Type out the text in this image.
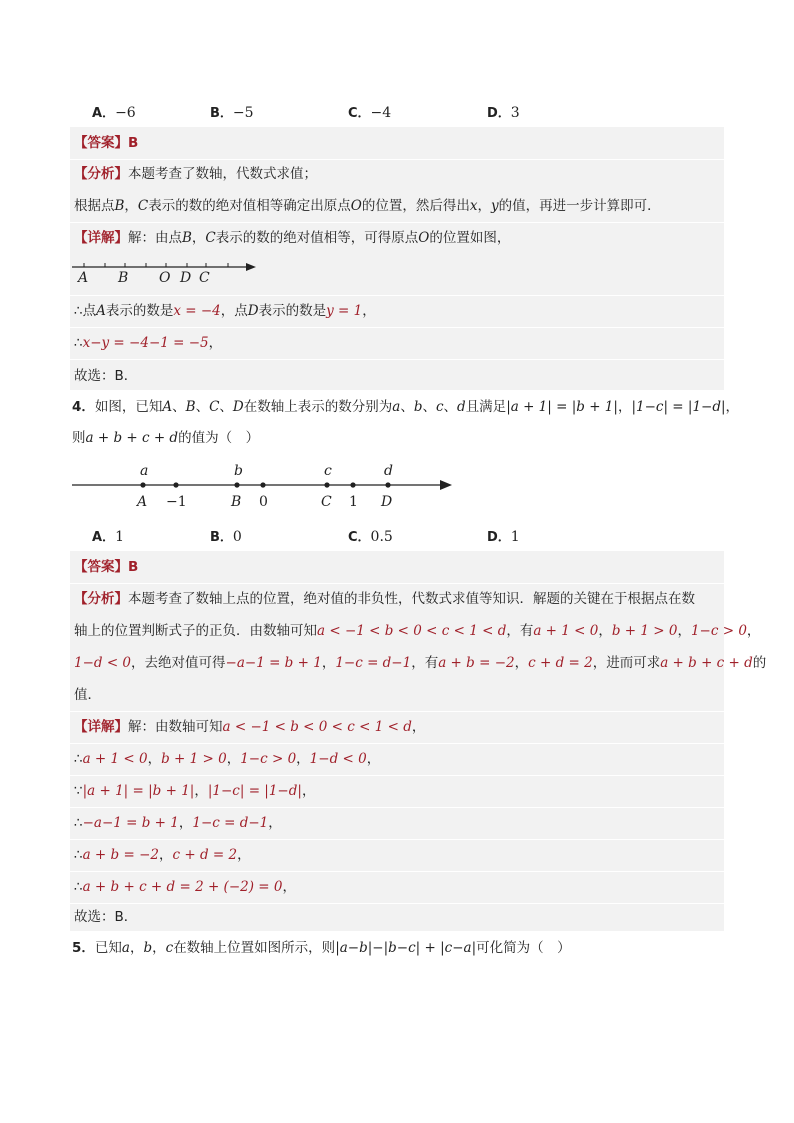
A．−6	B．−5	C．−4	D．3
【答案】B
【分析】本题考查了数轴，代数式求值；
根据点B，C表示的数的绝对值相等确定出原点O的位置，然后得出x，y的值，再进一步计算即可．
【详解】解：由点B，C表示的数的绝对值相等，可得原点O的位置如图，
A B O D C
∴点A表示的数是x = −4，点D表示的数是y = 1，
∴x−y = −4−1 = −5，
故选：B．
4．如图，已知A、B、C、D在数轴上表示的数分别为a、b、c、d且满足|a + 1| = |b + 1|，|1−c| = |1−d|，
则a + b + c + d的值为（　）
a	b	c	d
A −1	B 0	C 1 D
A．1	B．0	C．0.5	D．1
【答案】B
【分析】本题考查了数轴上点的位置，绝对值的非负性，代数式求值等知识．解题的关键在于根据点在数
轴上的位置判断式子的正负．由数轴可知a < −1 < b < 0 < c < 1 < d，有a + 1 < 0，b + 1 > 0，1−c > 0，
1−d < 0，去绝对值可得−a−1 = b + 1，1−c = d−1，有a + b = −2，c + d = 2，进而可求a + b + c + d的
值．
【详解】解：由数轴可知a < −1 < b < 0 < c < 1 < d，
∴a + 1 < 0，b + 1 > 0，1−c > 0，1−d < 0，
∵|a + 1| = |b + 1|，|1−c| = |1−d|，
∴−a−1 = b + 1，1−c = d−1，
∴a + b = −2，c + d = 2，
∴a + b + c + d = 2 + (−2) = 0，
故选：B．
5．已知a，b，c在数轴上位置如图所示，则|a−b|−|b−c| + |c−a|可化简为（　）
